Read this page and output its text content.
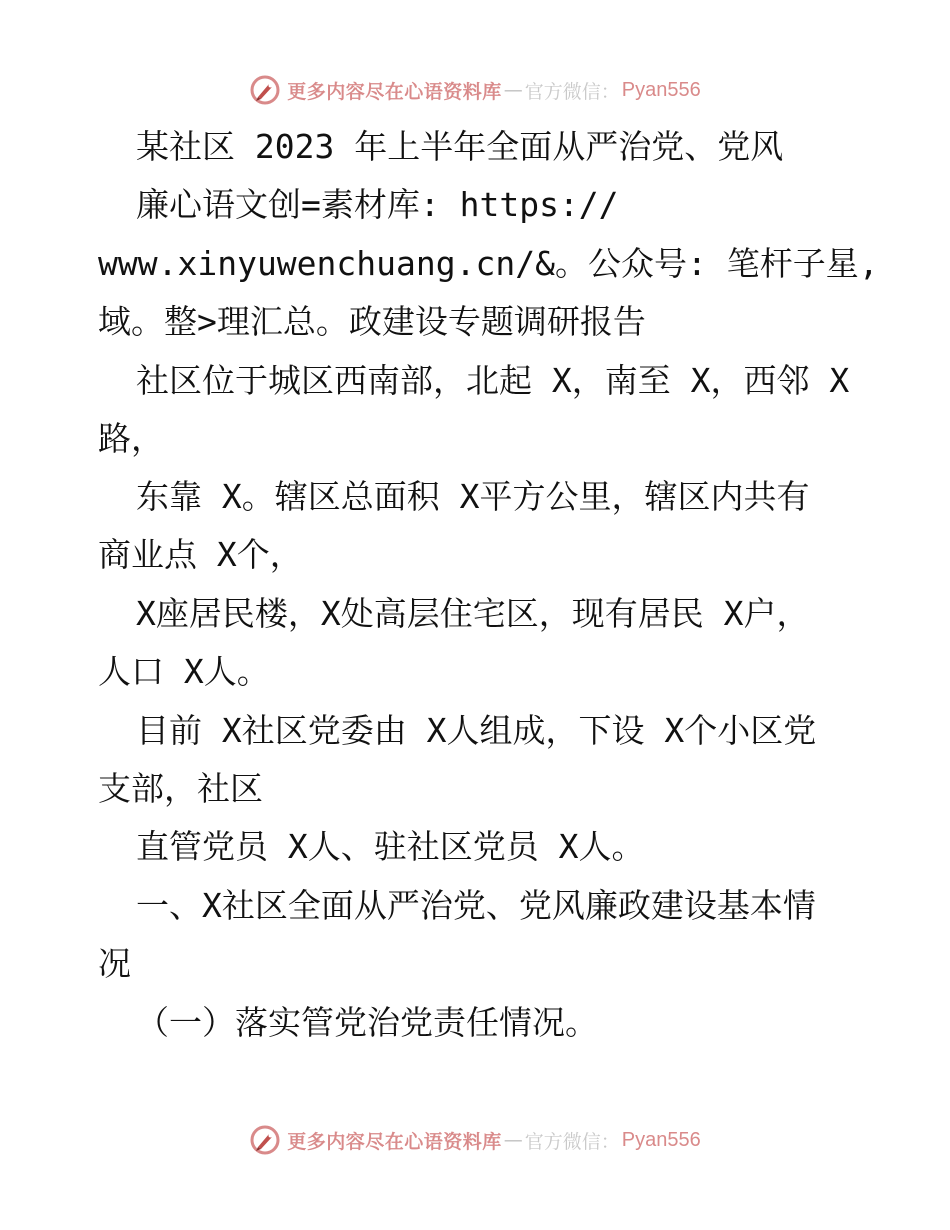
更多内容尽在心语资料库 — 官方微信： Pyan556
某社区 2023 年上半年全面从严治党、党风
廉心语文创=素材库: https://
www.xinyuwenchuang.cn/&。公众号: 笔杆子星,
域。整>理汇总。政建设专题调研报告
社区位于城区西南部，北起 X，南至 X，西邻 X
路，
东靠 X。辖区总面积 X平方公里，辖区内共有
商业点 X个，
X座居民楼，X处高层住宅区，现有居民 X户，
人口 X人。
目前 X社区党委由 X人组成，下设 X个小区党
支部，社区
直管党员 X人、驻社区党员 X人。
一、X社区全面从严治党、党风廉政建设基本情
况
（一）落实管党治党责任情况。
更多内容尽在心语资料库 — 官方微信： Pyan556
